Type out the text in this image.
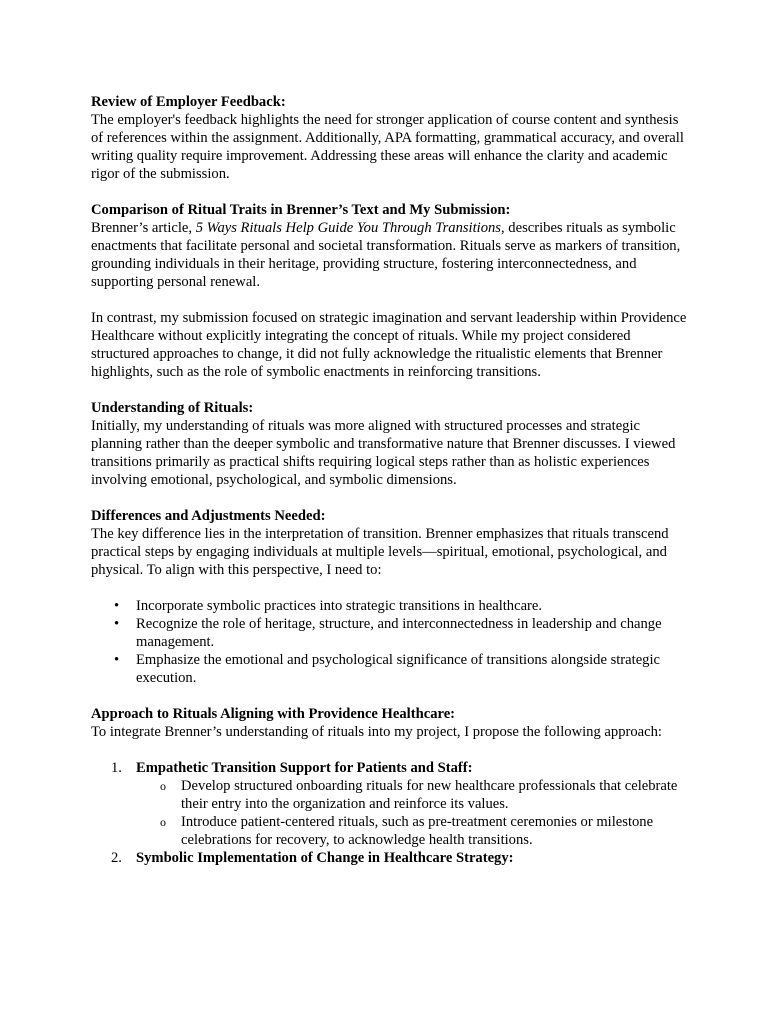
Review of Employer Feedback:

The employer's feedback highlights the need for stronger application of course content and synthesis of references within the assignment. Additionally, APA formatting, grammatical accuracy, and overall writing quality require improvement. Addressing these areas will enhance the clarity and academic rigor of the submission.

Comparison of Ritual Traits in Brenner’s Text and My Submission:

Brenner’s article, 5 Ways Rituals Help Guide You Through Transitions, describes rituals as symbolic enactments that facilitate personal and societal transformation. Rituals serve as markers of transition, grounding individuals in their heritage, providing structure, fostering interconnectedness, and supporting personal renewal.

In contrast, my submission focused on strategic imagination and servant leadership within Providence Healthcare without explicitly integrating the concept of rituals. While my project considered structured approaches to change, it did not fully acknowledge the ritualistic elements that Brenner highlights, such as the role of symbolic enactments in reinforcing transitions.

Understanding of Rituals:

Initially, my understanding of rituals was more aligned with structured processes and strategic planning rather than the deeper symbolic and transformative nature that Brenner discusses. I viewed transitions primarily as practical shifts requiring logical steps rather than as holistic experiences involving emotional, psychological, and symbolic dimensions.

Differences and Adjustments Needed:

The key difference lies in the interpretation of transition. Brenner emphasizes that rituals transcend practical steps by engaging individuals at multiple levels—spiritual, emotional, psychological, and physical. To align with this perspective, I need to:

• Incorporate symbolic practices into strategic transitions in healthcare.
• Recognize the role of heritage, structure, and interconnectedness in leadership and change management.
• Emphasize the emotional and psychological significance of transitions alongside strategic execution.
Approach to Rituals Aligning with Providence Healthcare:

To integrate Brenner’s understanding of rituals into my project, I propose the following approach:

1. Empathetic Transition Support for Patients and Staff:
o Develop structured onboarding rituals for new healthcare professionals that celebrate their entry into the organization and reinforce its values.
o Introduce patient-centered rituals, such as pre-treatment ceremonies or milestone celebrations for recovery, to acknowledge health transitions.
2. Symbolic Implementation of Change in Healthcare Strategy:
